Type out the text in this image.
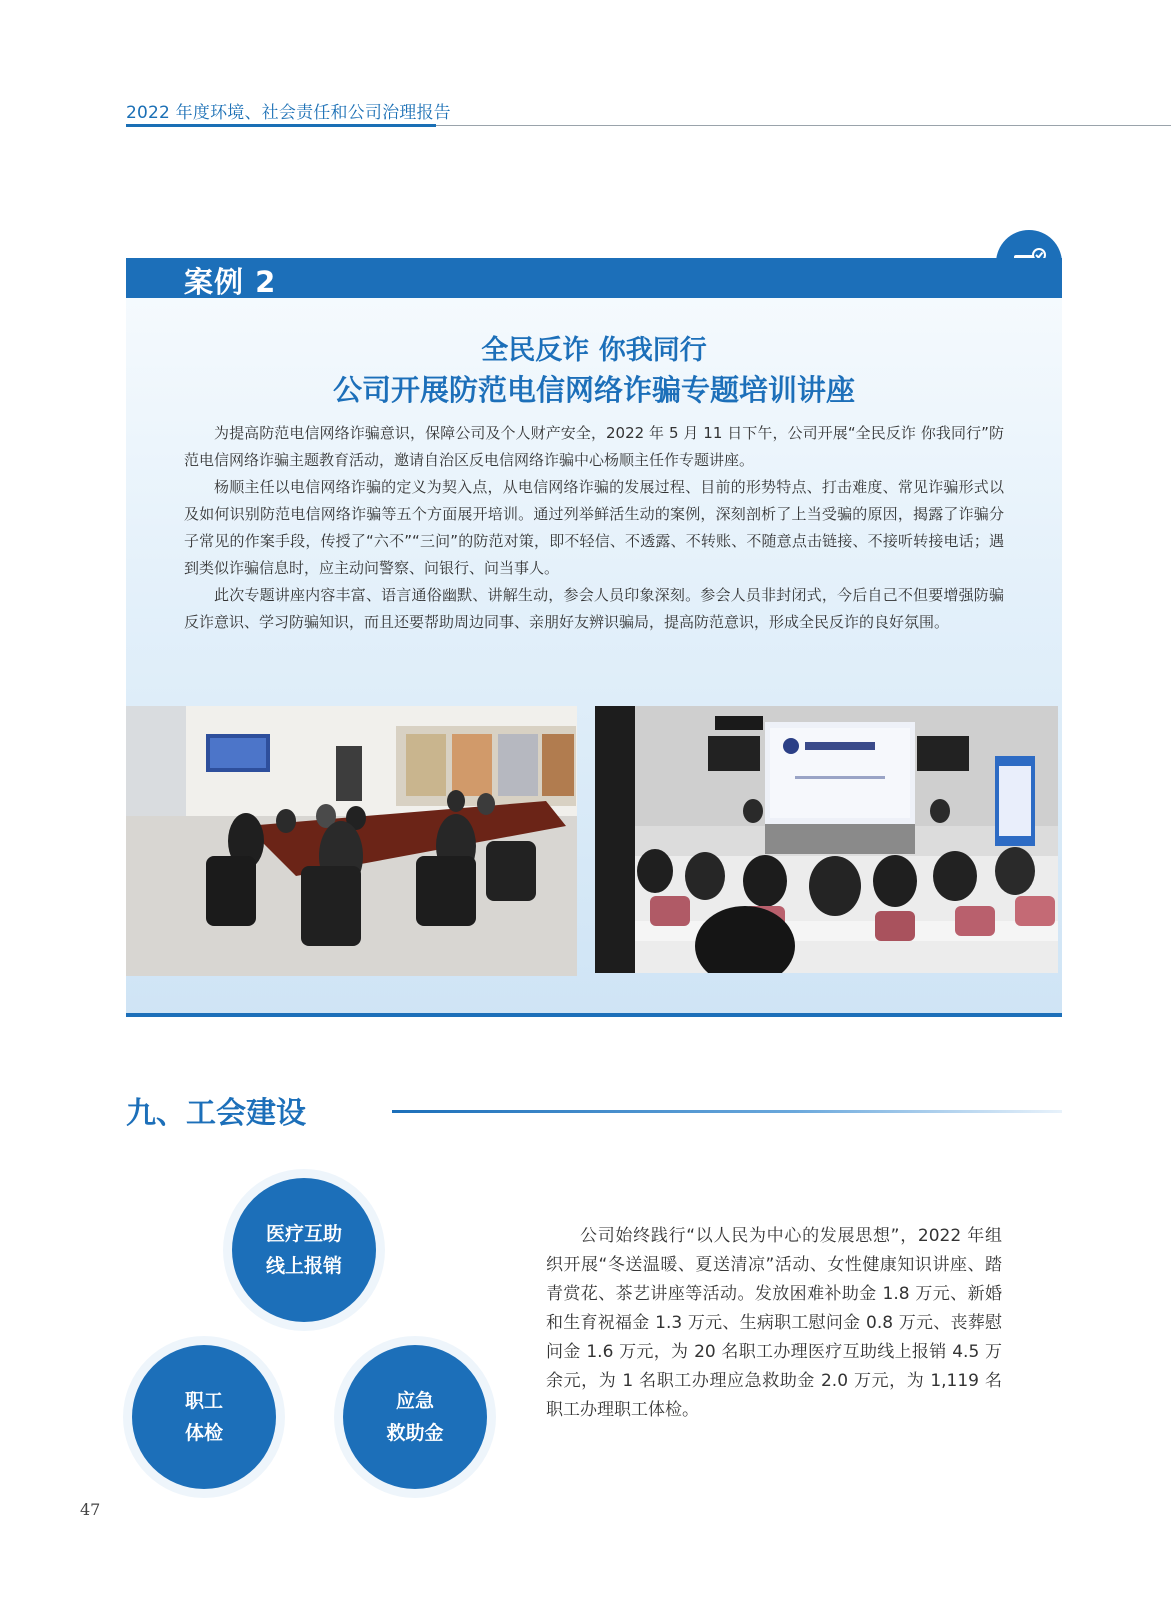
2022 年度环境、社会责任和公司治理报告
案例 2
全民反诈 你我同行
公司开展防范电信网络诈骗专题培训讲座

为提高防范电信网络诈骗意识，保障公司及个人财产安全，2022 年 5 月 11 日下午，公司开展“全民反诈 你我同行”防范电信网络诈骗主题教育活动，邀请自治区反电信网络诈骗中心杨顺主任作专题讲座。

杨顺主任以电信网络诈骗的定义为契入点，从电信网络诈骗的发展过程、目前的形势特点、打击难度、常见诈骗形式以及如何识别防范电信网络诈骗等五个方面展开培训。通过列举鲜活生动的案例，深刻剖析了上当受骗的原因，揭露了诈骗分子常见的作案手段，传授了“六不”“三问”的防范对策，即不轻信、不透露、不转账、不随意点击链接、不接听转接电话；遇到类似诈骗信息时，应主动问警察、问银行、问当事人。

此次专题讲座内容丰富、语言通俗幽默、讲解生动，参会人员印象深刻。参会人员非封闭式，今后自己不但要增强防骗反诈意识、学习防骗知识，而且还要帮助周边同事、亲朋好友辨识骗局，提高防范意识，形成全民反诈的良好氛围。

九、工会建设
医疗互助
线上报销
职工
体检
应急
救助金

公司始终践行“以人民为中心的发展思想”，2022 年组织开展“冬送温暖、夏送清凉”活动、女性健康知识讲座、踏青赏花、茶艺讲座等活动。发放困难补助金 1.8 万元、新婚和生育祝福金 1.3 万元、生病职工慰问金 0.8 万元、丧葬慰问金 1.6 万元，为 20 名职工办理医疗互助线上报销 4.5 万余元，为 1 名职工办理应急救助金 2.0 万元，为 1,119 名职工办理职工体检。

47
